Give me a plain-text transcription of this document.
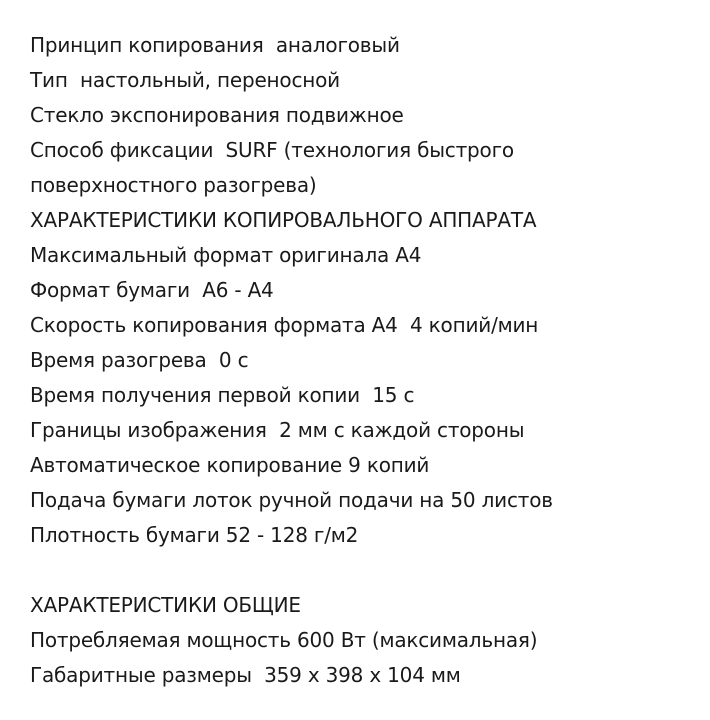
Принцип копирования  аналоговый
Тип  настольный, переносной
Стекло экспонирования подвижное
Способ фиксации  SURF (технология быстрого
поверхностного разогрева)
ХАРАКТЕРИСТИКИ КОПИРОВАЛЬНОГО АППАРАТА
Максимальный формат оригинала А4
Формат бумаги  А6 - А4
Скорость копирования формата А4  4 копий/мин
Время разогрева  0 с
Время получения первой копии  15 с
Границы изображения  2 мм с каждой стороны
Автоматическое копирование 9 копий
Подача бумаги лоток ручной подачи на 50 листов
Плотность бумаги 52 - 128 г/м2
ХАРАКТЕРИСТИКИ ОБЩИЕ
Потребляемая мощность 600 Вт (максимальная)
Габаритные размеры  359 x 398 x 104 мм
